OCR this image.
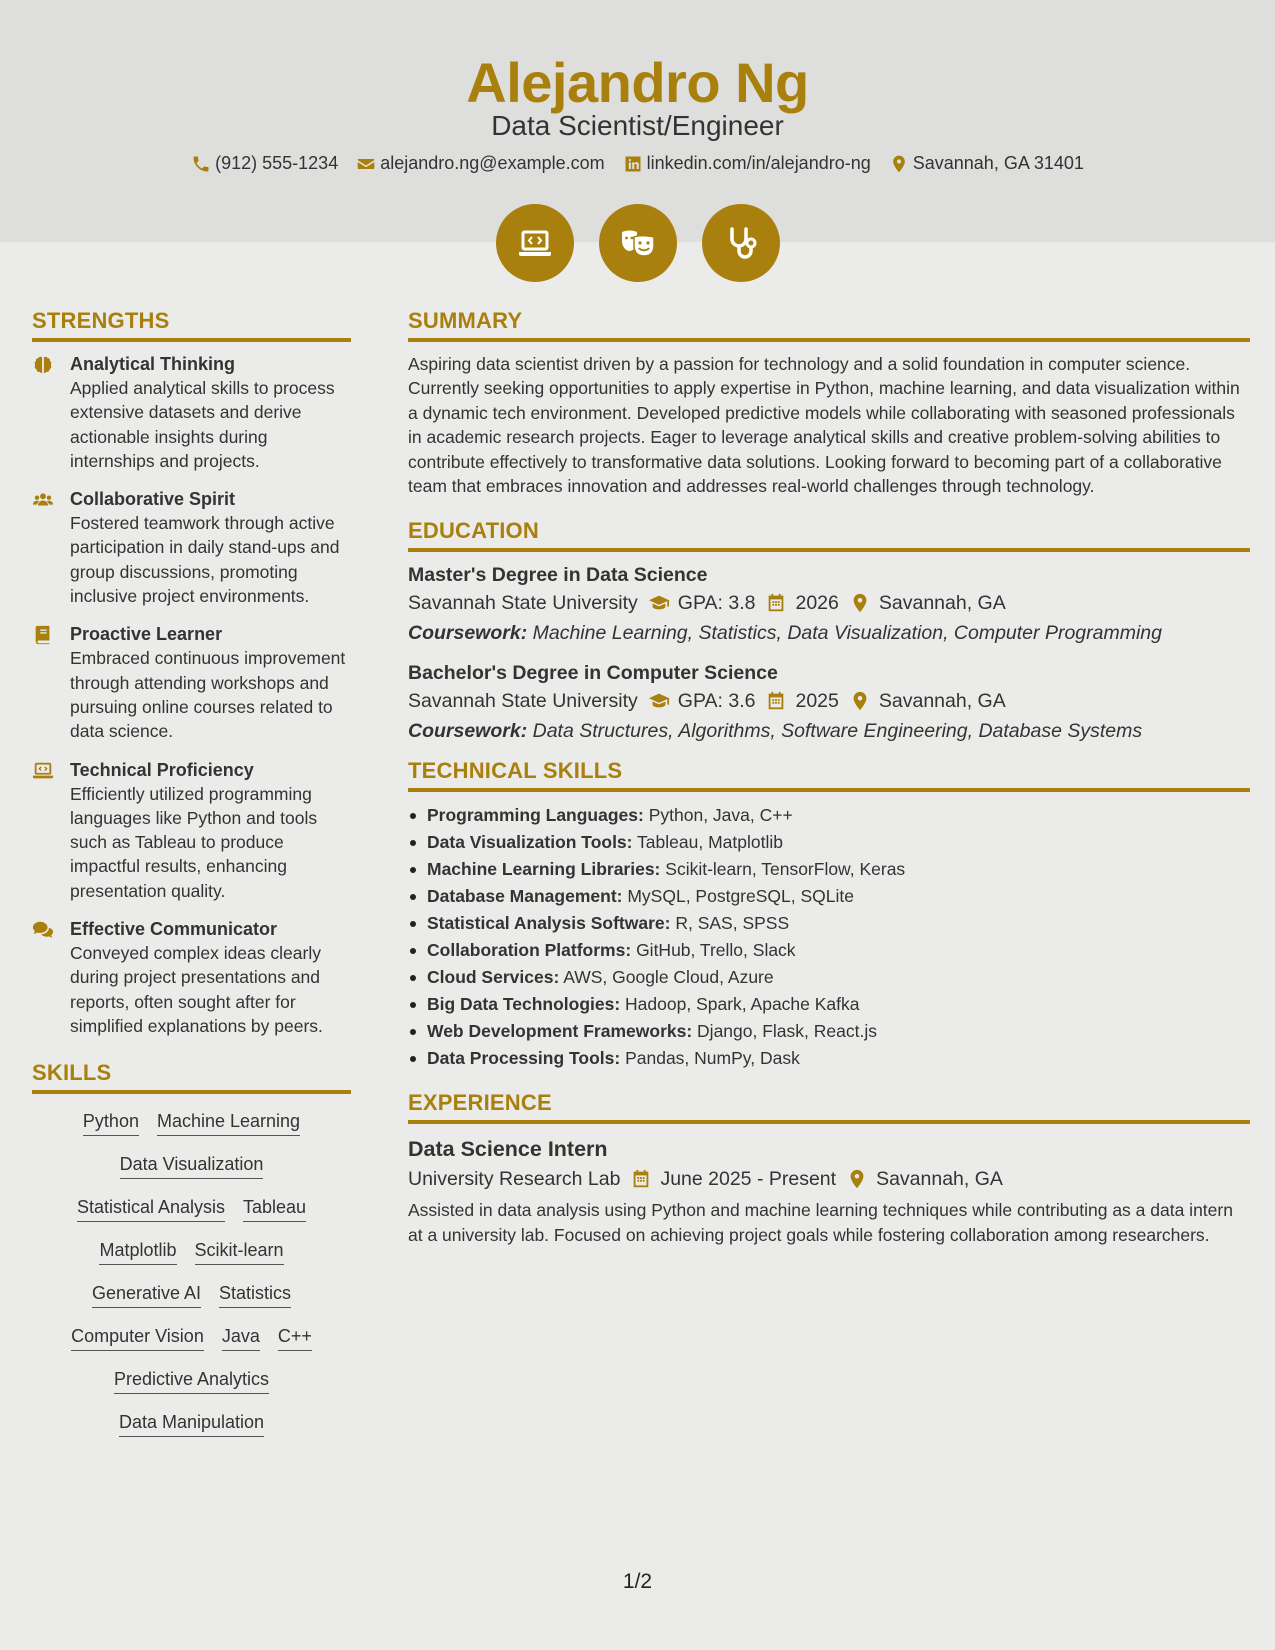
Alejandro Ng
Data Scientist/Engineer
(912) 555-1234 alejandro.ng@example.com linkedin.com/in/alejandro-ng Savannah, GA 31401
STRENGTHS
Analytical Thinking
Applied analytical skills to process extensive datasets and derive actionable insights during internships and projects.
Collaborative Spirit
Fostered teamwork through active participation in daily stand-ups and group discussions, promoting inclusive project environments.
Proactive Learner
Embraced continuous improvement through attending workshops and pursuing online courses related to data science.
Technical Proficiency
Efficiently utilized programming languages like Python and tools such as Tableau to produce impactful results, enhancing presentation quality.
Effective Communicator
Conveyed complex ideas clearly during project presentations and reports, often sought after for simplified explanations by peers.
SKILLS
Python Machine Learning
Data Visualization
Statistical Analysis Tableau
Matplotlib Scikit-learn
Generative AI Statistics
Computer Vision Java C++
Predictive Analytics
Data Manipulation
SUMMARY
Aspiring data scientist driven by a passion for technology and a solid foundation in computer science. Currently seeking opportunities to apply expertise in Python, machine learning, and data visualization within a dynamic tech environment. Developed predictive models while collaborating with seasoned professionals in academic research projects. Eager to leverage analytical skills and creative problem-solving abilities to contribute effectively to transformative data solutions. Looking forward to becoming part of a collaborative team that embraces innovation and addresses real-world challenges through technology.
EDUCATION
Master's Degree in Data Science
Savannah State University GPA: 3.8 2026 Savannah, GA
Coursework: Machine Learning, Statistics, Data Visualization, Computer Programming
Bachelor's Degree in Computer Science
Savannah State University GPA: 3.6 2025 Savannah, GA
Coursework: Data Structures, Algorithms, Software Engineering, Database Systems
TECHNICAL SKILLS
Programming Languages: Python, Java, C++
Data Visualization Tools: Tableau, Matplotlib
Machine Learning Libraries: Scikit-learn, TensorFlow, Keras
Database Management: MySQL, PostgreSQL, SQLite
Statistical Analysis Software: R, SAS, SPSS
Collaboration Platforms: GitHub, Trello, Slack
Cloud Services: AWS, Google Cloud, Azure
Big Data Technologies: Hadoop, Spark, Apache Kafka
Web Development Frameworks: Django, Flask, React.js
Data Processing Tools: Pandas, NumPy, Dask
EXPERIENCE
Data Science Intern
University Research Lab June 2025 - Present Savannah, GA
Assisted in data analysis using Python and machine learning techniques while contributing as a data intern at a university lab. Focused on achieving project goals while fostering collaboration among researchers.
1/2
